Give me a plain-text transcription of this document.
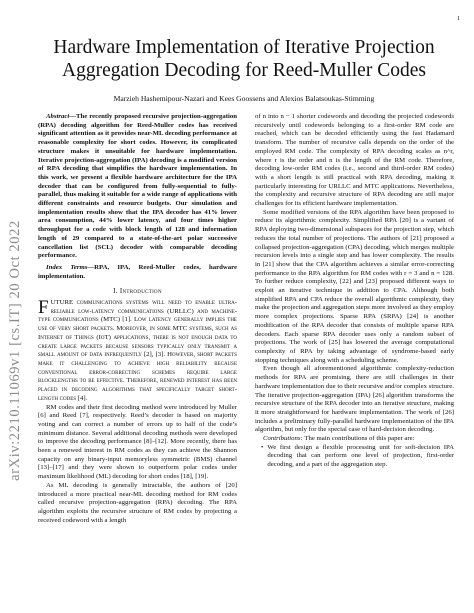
1
arXiv:2210.11069v1 [cs.IT] 20 Oct 2022
Hardware Implementation of Iterative Projection Aggregation Decoding for Reed-Muller Codes
Marzieh Hashemipour-Nazari and Kees Goossens and Alexios Balatsoukas-Stimming

Abstract—The recently proposed recursive projection-aggregation (RPA) decoding algorithm for Reed-Muller codes has received significant attention as it provides near-ML decoding performance at reasonable complexity for short codes. However, its complicated structure makes it unsuitable for hardware implementation. Iterative projection-aggregation (IPA) decoding is a modified version of RPA decoding that simplifies the hardware implementation. In this work, we present a flexible hardware architecture for the IPA decoder that can be configured from fully-sequential to fully-parallel, thus making it suitable for a wide range of applications with different constraints and resource budgets. Our simulation and implementation results show that the IPA decoder has 41% lower area consumption, 44% lower latency, and four times higher throughput for a code with block length of 128 and information length of 29 compared to a state-of-the-art polar successive cancellation list (SCL) decoder with comparable decoding performance.

Index Terms—RPA, IPA, Reed-Muller codes, hardware implementation.

I. Introduction

FUTURE communications systems will need to enable ultra-reliable low-latency communications (URLLC) and machine-type communications (MTC) [1]. Low latency generally implies the use of very short packets. Moreover, in some MTC systems, such as Internet of Things (IoT) applications, there is not enough data to create large packets because sensors typically only transmit a small amount of data infrequently [2], [3]. However, short packets make it challenging to achieve high reliability because conventional error-correcting schemes require large blocklengths to be effective. Therefore, renewed interest has been placed in decoding algorithms that specifically target short-length codes [4].

RM codes and their first decoding method were introduced by Muller [6] and Reed [7], respectively. Reed’s decoder is based on majority voting and can correct a number of errors up to half of the code’s minimum distance. Several additional decoding methods were developed to improve the decoding performance [8]–[12]. More recently, there has been a renewed interest in RM codes as they can achieve the Shannon capacity on any binary-input memoryless symmetric (BMS) channel [13]–[17] and they were shown to outperform polar codes under maximum likelihood (ML) decoding for short codes [18], [19].

As ML decoding is generally intractable, the authors of [20] introduced a more practical near-ML decoding method for RM codes called recursive projection-aggregation (RPA) decoding. The RPA algorithm exploits the recursive structure of RM codes by projecting a received codeword with a length

of n into n − 1 shorter codewords and decoding the projected codewords recursively until codewords belonging to a first-order RM code are reached, which can be decoded efficiently using the fast Hadamard transform. The number of recursive calls depends on the order of the employed RM code. The complexity of RPA decoding scales as n^r, where r is the order and n is the length of the RM code. Therefore, decoding low-order RM codes (i.e., second and third-order RM codes) with a short length is still practical with RPA decoding, making it particularly interesting for URLLC and MTC applications. Nevertheless, the complexity and recursive structure of RPA decoding are still major challenges for its efficient hardware implementation.

Some modified versions of the RPA algorithm have been proposed to reduce its algorithmic complexity. Simplified RPA [20] is a variant of RPA deploying two-dimensional subspaces for the projection step, which reduces the total number of projections. The authors of [21] proposed a collapsed projection-aggregation (CPA) decoding, which merges multiple recursion levels into a single step and has lower complexity. The results in [21] show that the CPA algorithm achieves a similar error-correcting performance to the RPA algorithm for RM codes with r = 3 and n = 128. To further reduce complexity, [22] and [23] proposed different ways to exploit an iterative technique in addition to CPA. Although both simplified RPA and CPA reduce the overall algorithmic complexity, they make the projection and aggregation steps more involved as they employ more complex projections. Sparse RPA (SRPA) [24] is another modification of the RPA decoder that consists of multiple sparse RPA decoders. Each sparse RPA decoder uses only a random subset of projections. The work of [25] has lowered the average computational complexity of RPA by taking advantage of syndrome-based early stopping techniques along with a scheduling scheme.

Even though all aforementioned algorithmic complexity-reduction methods for RPA are promising, there are still challenges in their hardware implementation due to their recursive and/or complex structure. The iterative projection-aggregation (IPA) [26] algorithm transforms the recursive structure of the RPA decoder into an iterative structure, making it more straightforward for hardware implementation. The work of [26] includes a preliminary fully-parallel hardware implementation of the IPA algorithm, but only for the special case of hard-decision decoding.

Contributions: The main contributions of this paper are:

• We first design a flexible processing unit for soft-decision IPA decoding that can perform one level of projection, first-order decoding, and a part of the aggregation step.
